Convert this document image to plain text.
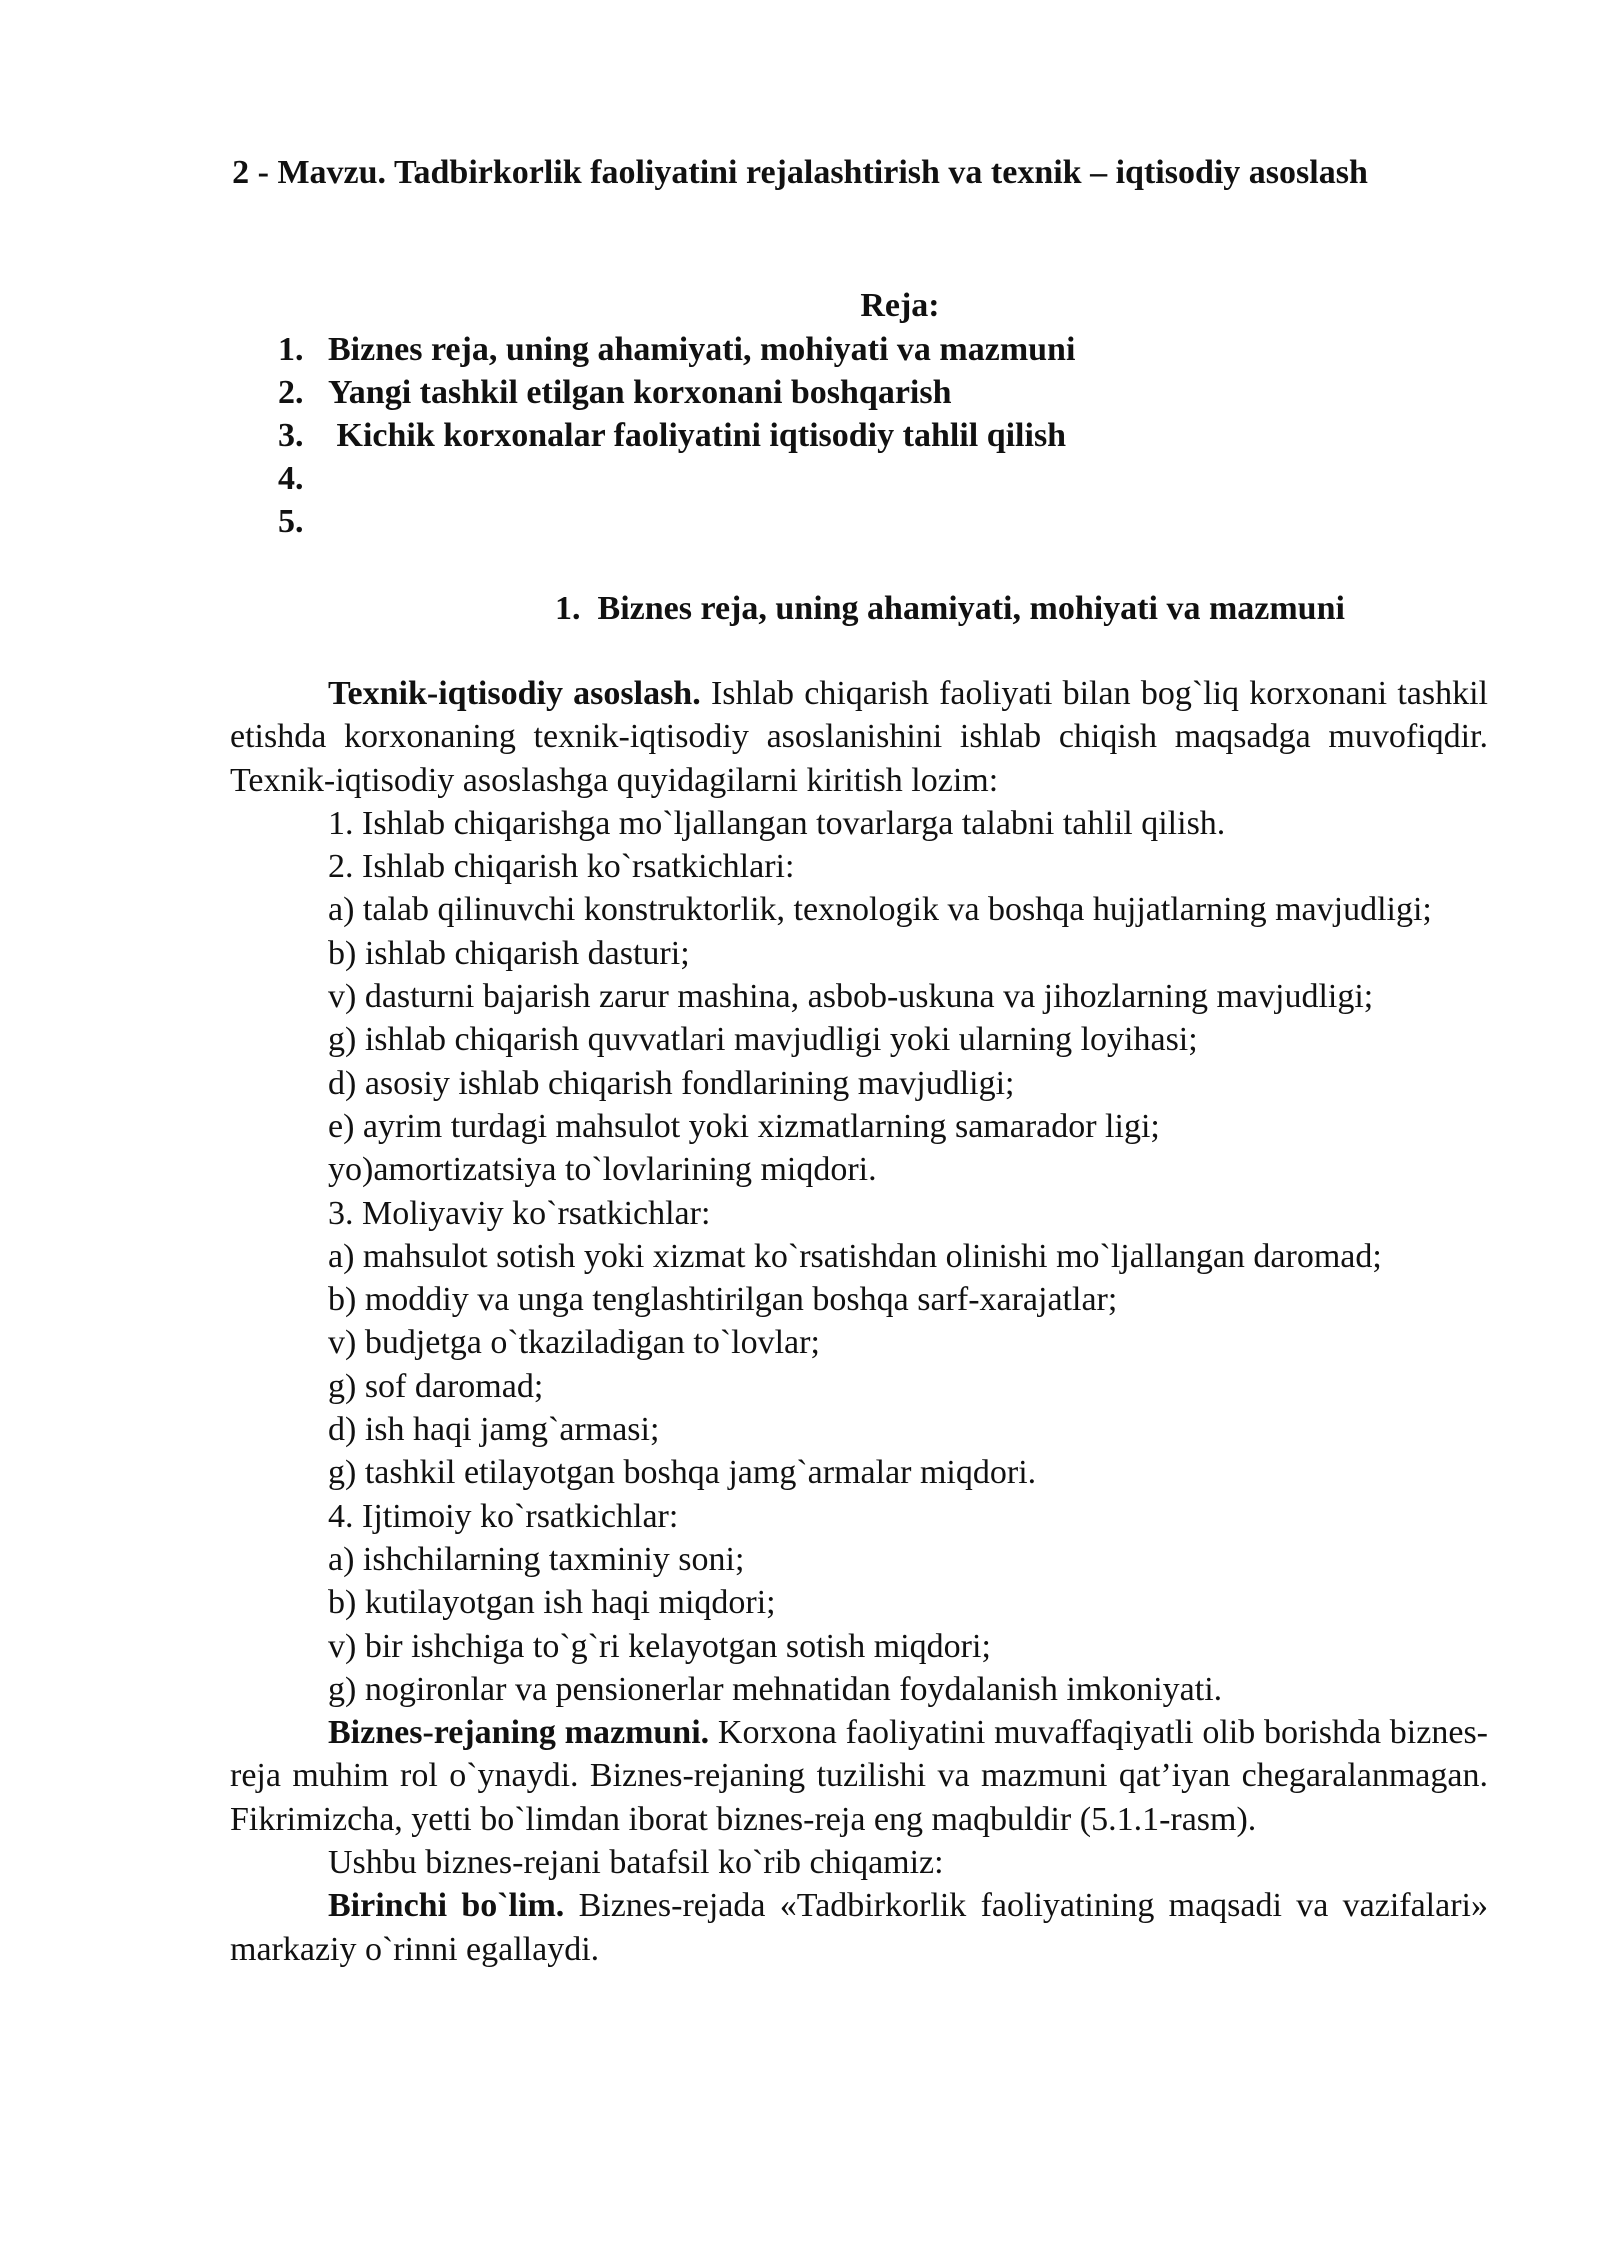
2 - Mavzu. Tadbirkorlik faoliyatini rejalashtirish va texnik – iqtisodiy asoslash
Reja:
1. Biznes reja, uning ahamiyati, mohiyati va mazmuni
2. Yangi tashkil etilgan korxonani boshqarish
3. Kichik korxonalar faoliyatini iqtisodiy tahlil qilish
4.
5.
1.  Biznes reja, uning ahamiyati, mohiyati va mazmuni

Texnik-iqtisodiy asoslash. Ishlab chiqarish faoliyati bilan bog`liq korxonani tashkil etishda korxonaning texnik-iqtisodiy asoslanishini ishlab chiqish maqsadga muvofiqdir. Texnik-iqtisodiy asoslashga quyidagilarni kiritish lozim:

1. Ishlab chiqarishga mo`ljallangan tovarlarga talabni tahlil qilish.

2. Ishlab chiqarish ko`rsatkichlari:

a) talab qilinuvchi konstruktorlik, texnologik va boshqa hujjatlarning mavjudligi;

b) ishlab chiqarish dasturi;

v) dasturni bajarish zarur mashina, asbob-uskuna va jihozlarning mavjudligi;

g) ishlab chiqarish quvvatlari mavjudligi yoki ularning loyihasi;

d) asosiy ishlab chiqarish fondlarining mavjudligi;

e) ayrim turdagi mahsulot yoki xizmatlarning samarador ligi;

yo)amortizatsiya to`lovlarining miqdori.

3. Moliyaviy ko`rsatkichlar:

a) mahsulot sotish yoki xizmat ko`rsatishdan olinishi mo`ljallangan daromad;

b) moddiy va unga tenglashtirilgan boshqa sarf-xarajatlar;

v) budjetga o`tkaziladigan to`lovlar;

g) sof daromad;

d) ish haqi jamg`armasi;

g) tashkil etilayotgan boshqa jamg`armalar miqdori.

4. Ijtimoiy ko`rsatkichlar:

a) ishchilarning taxminiy soni;

b) kutilayotgan ish haqi miqdori;

v) bir ishchiga to`g`ri kelayotgan sotish miqdori;

g) nogironlar va pensionerlar mehnatidan foydalanish imkoniyati.

Biznes-rejaning mazmuni. Korxona faoliyatini muvaffaqiyatli olib borishda biznes-reja muhim rol o`ynaydi. Biznes-rejaning tuzilishi va mazmuni qat’iyan chegaralanmagan. Fikrimizcha, yetti bo`limdan iborat biznes-reja eng maqbuldir (5.1.1-rasm).

Ushbu biznes-rejani batafsil ko`rib chiqamiz:

Birinchi bo`lim. Biznes-rejada «Tadbirkorlik faoliyatining maqsadi va vazifalari» markaziy o`rinni egallaydi.
